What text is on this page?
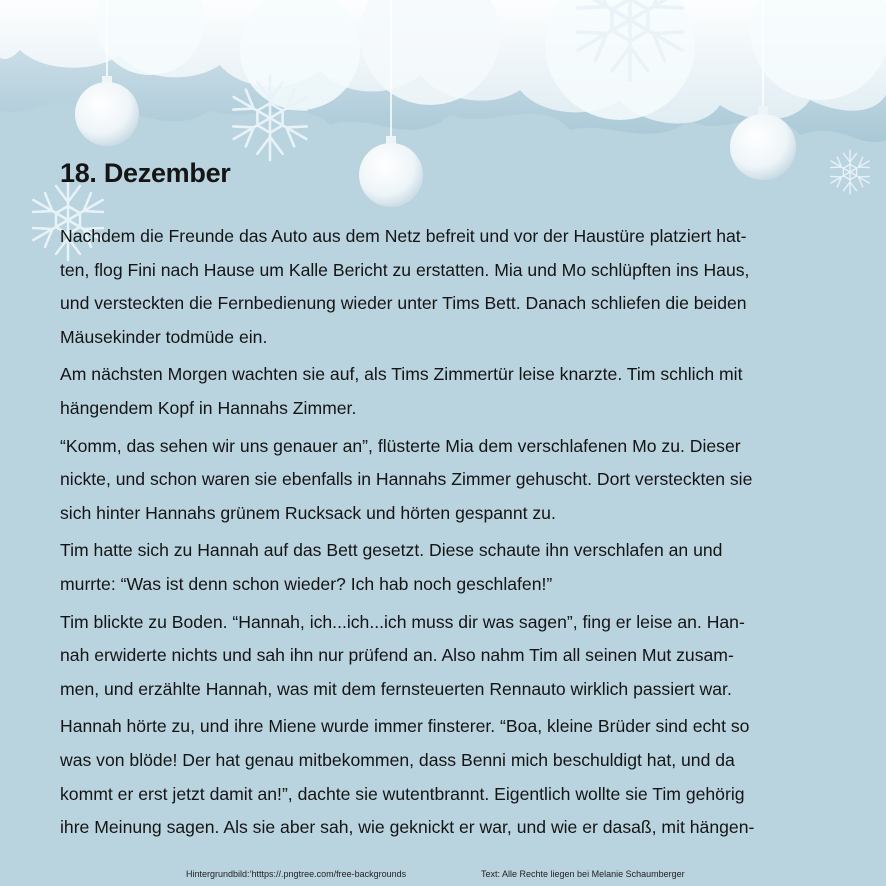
18. Dezember

Nachdem die Freunde das Auto aus dem Netz befreit und vor der Haustüre platziert hat-
ten, flog Fini nach Hause um Kalle Bericht zu erstatten. Mia und Mo schlüpften ins Haus,
und versteckten die Fernbedienung wieder unter Tims Bett. Danach schliefen die beiden
Mäusekinder todmüde ein.

Am nächsten Morgen wachten sie auf, als Tims Zimmertür leise knarzte. Tim schlich mit
hängendem Kopf in Hannahs Zimmer.

“Komm, das sehen wir uns genauer an”, flüsterte Mia dem verschlafenen Mo zu. Dieser
nickte, und schon waren sie ebenfalls in Hannahs Zimmer gehuscht. Dort versteckten sie
sich hinter Hannahs grünem Rucksack und hörten gespannt zu.

Tim hatte sich zu Hannah auf das Bett gesetzt. Diese schaute ihn verschlafen an und
murrte: “Was ist denn schon wieder? Ich hab noch geschlafen!”

Tim blickte zu Boden. “Hannah, ich...ich...ich muss dir was sagen”, fing er leise an. Han-
nah erwiderte nichts und sah ihn nur prüfend an. Also nahm Tim all seinen Mut zusam-
men, und erzählte Hannah, was mit dem fernsteuerten Rennauto wirklich passiert war.

Hannah hörte zu, und ihre Miene wurde immer finsterer. “Boa, kleine Brüder sind echt so
was von blöde! Der hat genau mitbekommen, dass Benni mich beschuldigt hat, und da
kommt er erst jetzt damit an!”, dachte sie wutentbrannt. Eigentlich wollte sie Tim gehörig
ihre Meinung sagen. Als sie aber sah, wie geknickt er war, und wie er dasaß, mit hängen-

Hintergrundbild:‘htttps://.pngtree.com/free-backgrounds	Text: Alle Rechte liegen bei Melanie Schaumberger
